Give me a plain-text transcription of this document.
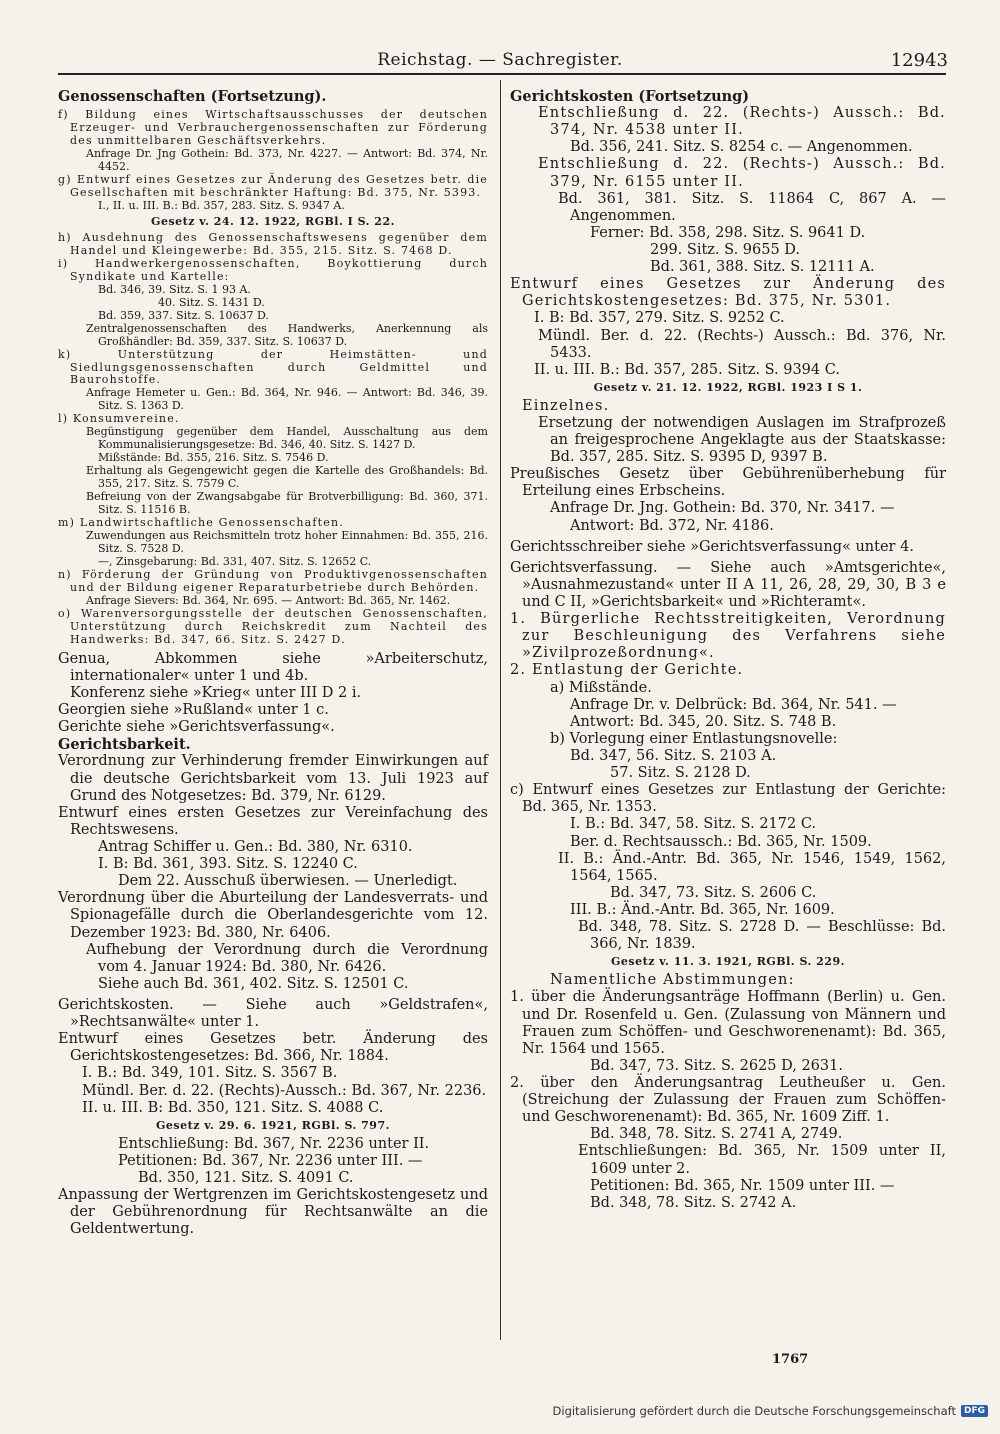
Reichstag. — Sachregister.	12943

Genossenschaften (Fortsetzung).

f) Bildung eines Wirtschaftsausschusses der deutschen Erzeuger- und Verbrauchergenossenschaften zur Förderung des unmittelbaren Geschäftsverkehrs.

Anfrage Dr. Jng Gothein: Bd. 373, Nr. 4227. — Antwort: Bd. 374, Nr. 4452.

g) Entwurf eines Gesetzes zur Änderung des Gesetzes betr. die Gesellschaften mit beschränkter Haftung: Bd. 375, Nr. 5393.

I., II. u. III. B.: Bd. 357, 283. Sitz. S. 9347 A.

Gesetz v. 24. 12. 1922, RGBl. I S. 22.

h) Ausdehnung des Genossenschaftswesens gegenüber dem Handel und Kleingewerbe: Bd. 355, 215. Sitz. S. 7468 D.

i) Handwerkergenossenschaften, Boykottierung durch Syndikate und Kartelle:

Bd. 346, 39. Sitz. S. 1 93 A.

40. Sitz. S. 1431 D.

Bd. 359, 337. Sitz. S. 10637 D.

Zentralgenossenschaften des Handwerks, Anerkennung als Großhändler: Bd. 359, 337. Sitz. S. 10637 D.

k) Unterstützung der Heimstätten- und Siedlungsgenossenschaften durch Geldmittel und Baurohstoffe.

Anfrage Hemeter u. Gen.: Bd. 364, Nr. 946. — Antwort: Bd. 346, 39. Sitz. S. 1363 D.

l) Konsumvereine.

Begünstigung gegenüber dem Handel, Ausschaltung aus dem Kommunalisierungsgesetze: Bd. 346, 40. Sitz. S. 1427 D.

Mißstände: Bd. 355, 216. Sitz. S. 7546 D.

Erhaltung als Gegengewicht gegen die Kartelle des Großhandels: Bd. 355, 217. Sitz. S. 7579 C.

Befreiung von der Zwangsabgabe für Brotverbilligung: Bd. 360, 371. Sitz. S. 11516 B.

m) Landwirtschaftliche Genossenschaften.

Zuwendungen aus Reichsmitteln trotz hoher Einnahmen: Bd. 355, 216. Sitz. S. 7528 D.

—, Zinsgebarung: Bd. 331, 407. Sitz. S. 12652 C.

n) Förderung der Gründung von Produktivgenossenschaften und der Bildung eigener Reparaturbetriebe durch Behörden.

Anfrage Sievers: Bd. 364, Nr. 695. — Antwort: Bd. 365, Nr. 1462.

o) Warenversorgungsstelle der deutschen Genossenschaften, Unterstützung durch Reichskredit zum Nachteil des Handwerks: Bd. 347, 66. Sitz. S. 2427 D.

Genua, Abkommen siehe »Arbeiterschutz, internationaler« unter 1 und 4b.

Konferenz siehe »Krieg« unter III D 2 i.

Georgien siehe »Rußland« unter 1 c.

Gerichte siehe »Gerichtsverfassung«.

Gerichtsbarkeit.

Verordnung zur Verhinderung fremder Einwirkungen auf die deutsche Gerichtsbarkeit vom 13. Juli 1923 auf Grund des Notgesetzes: Bd. 379, Nr. 6129.

Entwurf eines ersten Gesetzes zur Vereinfachung des Rechtswesens.

Antrag Schiffer u. Gen.: Bd. 380, Nr. 6310.

I. B: Bd. 361, 393. Sitz. S. 12240 C.

Dem 22. Ausschuß überwiesen. — Unerledigt.

Verordnung über die Aburteilung der Landesverrats- und Spionagefälle durch die Oberlandesgerichte vom 12. Dezember 1923: Bd. 380, Nr. 6406.

Aufhebung der Verordnung durch die Verordnung vom 4. Januar 1924: Bd. 380, Nr. 6426.

Siehe auch Bd. 361, 402. Sitz. S. 12501 C.

Gerichtskosten. — Siehe auch »Geldstrafen«, »Rechtsanwälte« unter 1.

Entwurf eines Gesetzes betr. Änderung des Gerichtskostengesetzes: Bd. 366, Nr. 1884.

I. B.: Bd. 349, 101. Sitz. S. 3567 B.

Mündl. Ber. d. 22. (Rechts)-Aussch.: Bd. 367, Nr. 2236.

II. u. III. B: Bd. 350, 121. Sitz. S. 4088 C.

Gesetz v. 29. 6. 1921, RGBl. S. 797.

Entschließung: Bd. 367, Nr. 2236 unter II.

Petitionen: Bd. 367, Nr. 2236 unter III. —

Bd. 350, 121. Sitz. S. 4091 C.

Anpassung der Wertgrenzen im Gerichtskostengesetz und der Gebührenordnung für Rechtsanwälte an die Geldentwertung.

Gerichtskosten (Fortsetzung)

Entschließung d. 22. (Rechts-) Aussch.: Bd. 374, Nr. 4538 unter II.

Bd. 356, 241. Sitz. S. 8254 c. — Angenommen.

Entschließung d. 22. (Rechts-) Aussch.: Bd. 379, Nr. 6155 unter II.

Bd. 361, 381. Sitz. S. 11864 C, 867 A. — Angenommen.

Ferner: Bd. 358, 298. Sitz. S. 9641 D.

299. Sitz. S. 9655 D.

Bd. 361, 388. Sitz. S. 12111 A.

Entwurf eines Gesetzes zur Änderung des Gerichtskostengesetzes: Bd. 375, Nr. 5301.

I. B: Bd. 357, 279. Sitz. S. 9252 C.

Mündl. Ber. d. 22. (Rechts-) Aussch.: Bd. 376, Nr. 5433.

II. u. III. B.: Bd. 357, 285. Sitz. S. 9394 C.

Gesetz v. 21. 12. 1922, RGBl. 1923 I S 1.

Einzelnes.

Ersetzung der notwendigen Auslagen im Strafprozeß an freigesprochene Angeklagte aus der Staatskasse: Bd. 357, 285. Sitz. S. 9395 D, 9397 B.

Preußisches Gesetz über Gebührenüberhebung für Erteilung eines Erbscheins.

Anfrage Dr. Jng. Gothein: Bd. 370, Nr. 3417. —

Antwort: Bd. 372, Nr. 4186.

Gerichtsschreiber siehe »Gerichtsverfassung« unter 4.

Gerichtsverfassung. — Siehe auch »Amtsgerichte«, »Ausnahmezustand« unter II A 11, 26, 28, 29, 30, B 3 e und C II, »Gerichtsbarkeit« und »Richteramt«.

1. Bürgerliche Rechtsstreitigkeiten, Verordnung zur Beschleunigung des Verfahrens siehe »Zivilprozeßordnung«.

2. Entlastung der Gerichte.

a) Mißstände.

Anfrage Dr. v. Delbrück: Bd. 364, Nr. 541. —

Antwort: Bd. 345, 20. Sitz. S. 748 B.

b) Vorlegung einer Entlastungsnovelle:

Bd. 347, 56. Sitz. S. 2103 A.

57. Sitz. S. 2128 D.

c) Entwurf eines Gesetzes zur Entlastung der Gerichte: Bd. 365, Nr. 1353.

I. B.: Bd. 347, 58. Sitz. S. 2172 C.

Ber. d. Rechtsaussch.: Bd. 365, Nr. 1509.

II. B.: Änd.-Antr. Bd. 365, Nr. 1546, 1549, 1562, 1564, 1565.

Bd. 347, 73. Sitz. S. 2606 C.

III. B.: Änd.-Antr. Bd. 365, Nr. 1609.

Bd. 348, 78. Sitz. S. 2728 D. — Beschlüsse: Bd. 366, Nr. 1839.

Gesetz v. 11. 3. 1921, RGBl. S. 229.

Namentliche Abstimmungen:

1. über die Änderungsanträge Hoffmann (Berlin) u. Gen. und Dr. Rosenfeld u. Gen. (Zulassung von Männern und Frauen zum Schöffen- und Geschworenenamt): Bd. 365, Nr. 1564 und 1565.

Bd. 347, 73. Sitz. S. 2625 D, 2631.

2. über den Änderungsantrag Leutheußer u. Gen. (Streichung der Zulassung der Frauen zum Schöffen- und Geschworenenamt): Bd. 365, Nr. 1609 Ziff. 1.

Bd. 348, 78. Sitz. S. 2741 A, 2749.

Entschließungen: Bd. 365, Nr. 1509 unter II, 1609 unter 2.

Petitionen: Bd. 365, Nr. 1509 unter III. —

Bd. 348, 78. Sitz. S. 2742 A.

1767
Digitalisierung gefördert durch die Deutsche Forschungsgemeinschaft DFG
